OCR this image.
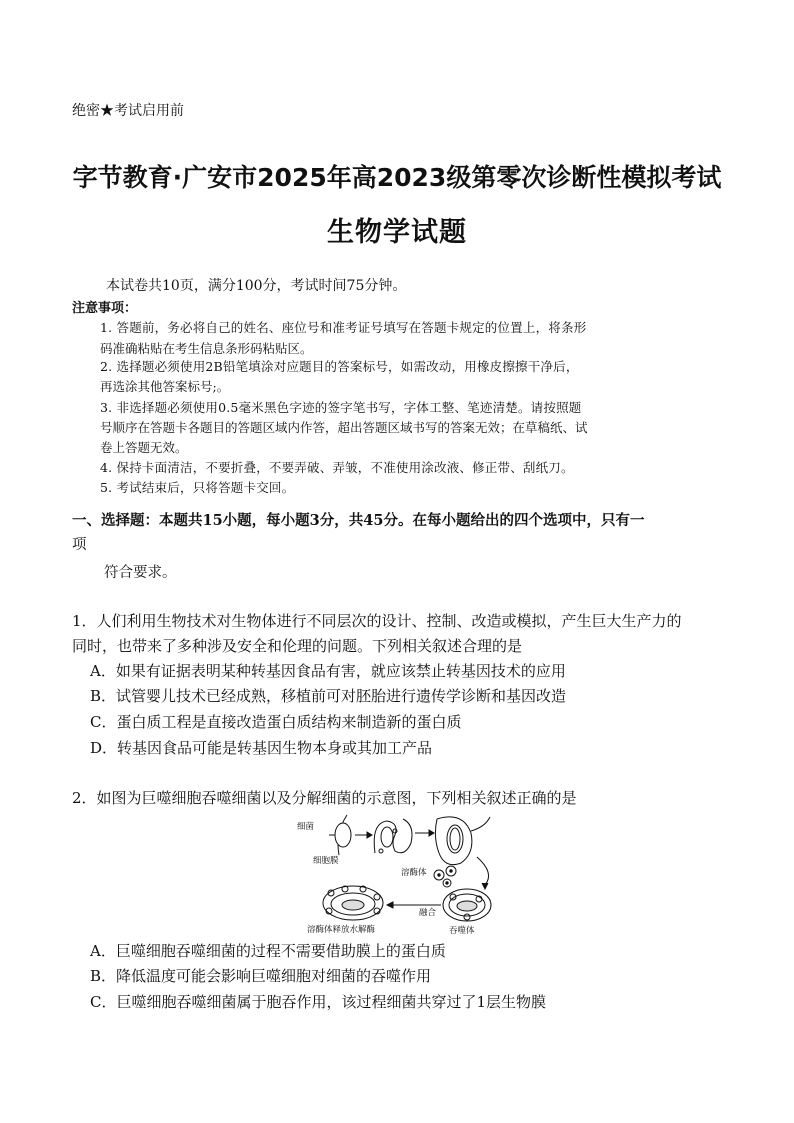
绝密★考试启用前
字节教育·广安市2025年高2023级第零次诊断性模拟考试
生物学试题
本试卷共10页，满分100分，考试时间75分钟。
注意事项：
1. 答题前，务必将自己的姓名、座位号和准考证号填写在答题卡规定的位置上，将条形
码准确粘贴在考生信息条形码粘贴区。
2. 选择题必须使用2B铅笔填涂对应题目的答案标号，如需改动，用橡皮擦擦干净后，
再选涂其他答案标号;。
3. 非选择题必须使用0.5毫米黑色字迹的签字笔书写，字体工整、笔迹清楚。请按照题
号顺序在答题卡各题目的答题区域内作答，超出答题区域书写的答案无效；在草稿纸、试
卷上答题无效。
4. 保持卡面清洁，不要折叠，不要弄破、弄皱，不准使用涂改液、修正带、刮纸刀。
5. 考试结束后，只将答题卡交回。
一、选择题：本题共15小题，每小题3分，共45分。在每小题给出的四个选项中，只有一
项
符合要求。
1．人们利用生物技术对生物体进行不同层次的设计、控制、改造或模拟，产生巨大生产力的
同时，也带来了多种涉及安全和伦理的问题。下列相关叙述合理的是
A．如果有证据表明某种转基因食品有害，就应该禁止转基因技术的应用
B．试管婴儿技术已经成熟，移植前可对胚胎进行遗传学诊断和基因改造
C．蛋白质工程是直接改造蛋白质结构来制造新的蛋白质
D．转基因食品可能是转基因生物本身或其加工产品
2．如图为巨噬细胞吞噬细菌以及分解细菌的示意图，下列相关叙述正确的是
细菌
细胞膜
溶酶体
融合
吞噬体
溶酶体释放水解酶
A．巨噬细胞吞噬细菌的过程不需要借助膜上的蛋白质
B．降低温度可能会影响巨噬细胞对细菌的吞噬作用
C．巨噬细胞吞噬细菌属于胞吞作用，该过程细菌共穿过了1层生物膜
